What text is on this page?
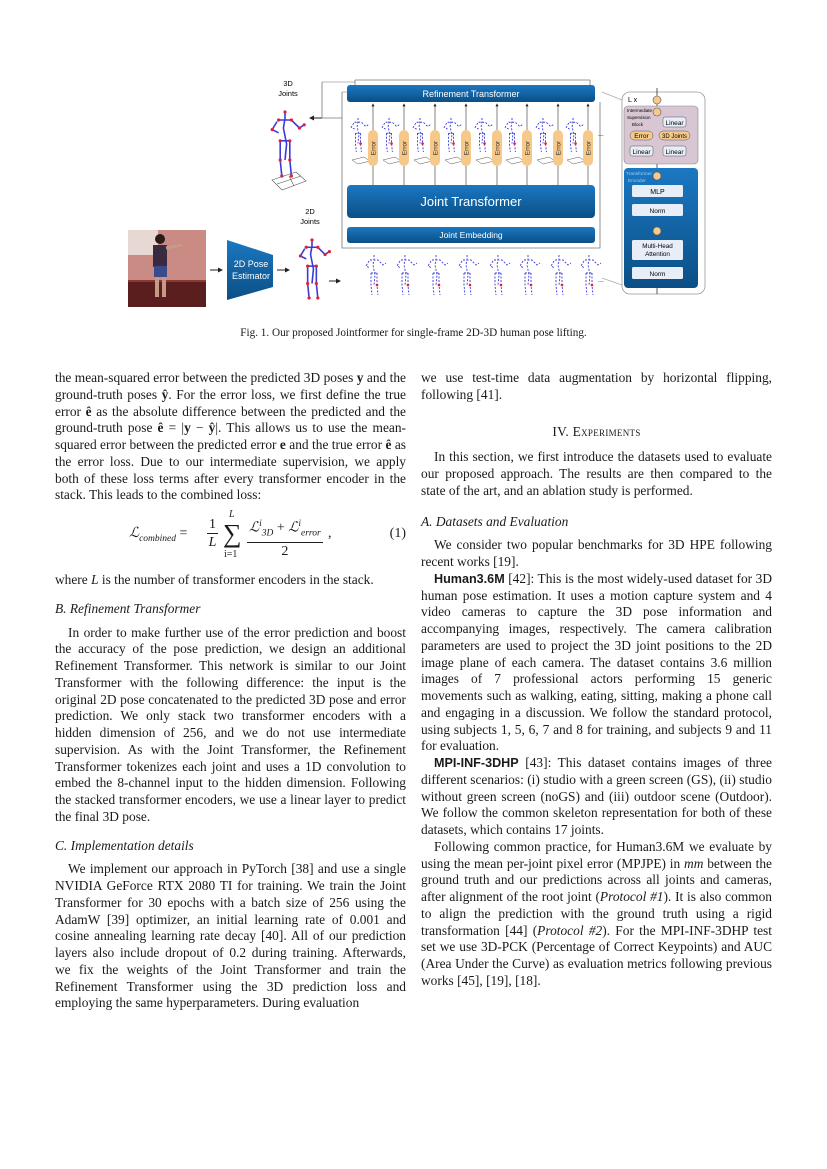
2D Pose
Estimator
2D
Joints
3D
Joints	Refinement Transformer
Error	Error	Error	Error	Error	Error	Error	Error
...
...
Joint Transformer
Joint Embedding
L x
Intermediate
Supervision
Block	Linear
Error 3D Joints
Linear Linear
Transformer
Encoder
MLP
Norm
Multi-Head
Attention
Norm
Fig. 1. Our proposed Jointformer for single-frame 2D-3D human pose lifting.

the mean-squared error between the predicted 3D poses y and the ground-truth poses ŷ. For the error loss, we first define the true error ê as the absolute difference between the predicted and the ground-truth pose ê = |y − ŷ|. This allows us to use the mean-squared error between the predicted error e and the true error ê as the error loss. Due to our intermediate supervision, we apply both of these loss terms after every transformer encoder in the stack. This leads to the combined loss:

ℒ$_{combined}$ = $\frac{1}{L}$ ∑
L
i=1
ℒ$^i_{3D}$ + ℒ$^i_{error}$
2
,	(1)

where L is the number of transformer encoders in the stack.

B. Refinement Transformer

In order to make further use of the error prediction and boost the accuracy of the pose prediction, we design an additional Refinement Transformer. This network is similar to our Joint Transformer with the following difference: the input is the original 2D pose concatenated to the predicted 3D pose and error prediction. We only stack two transformer encoders with a hidden dimension of 256, and we do not use intermediate supervision. As with the Joint Transformer, the Refinement Transformer tokenizes each joint and uses a 1D convolution to embed the 8-channel input to the hidden dimension. Following the stacked transformer encoders, we use a linear layer to predict the final 3D pose.

C. Implementation details

We implement our approach in PyTorch [38] and use a single NVIDIA GeForce RTX 2080 TI for training. We train the Joint Transformer for 30 epochs with a batch size of 256 using the AdamW [39] optimizer, an initial learning rate of 0.001 and cosine annealing learning rate decay [40]. All of our prediction layers also include dropout of 0.2 during training. Afterwards, we fix the weights of the Joint Transformer and train the Refinement Transformer using the 3D prediction loss and employing the same hyperparameters. During evaluation

we use test-time data augmentation by horizontal flipping, following [41].

IV. Experiments

In this section, we first introduce the datasets used to evaluate our proposed approach. The results are then compared to the state of the art, and an ablation study is performed.

A. Datasets and Evaluation

We consider two popular benchmarks for 3D HPE following recent works [19].

Human3.6M [42]: This is the most widely-used dataset for 3D human pose estimation. It uses a motion capture system and 4 video cameras to capture the 3D pose information and accompanying images, respectively. The camera calibration parameters are used to project the 3D joint positions to the 2D image plane of each camera. The dataset contains 3.6 million images of 7 professional actors performing 15 generic movements such as walking, eating, sitting, making a phone call and engaging in a discussion. We follow the standard protocol, using subjects 1, 5, 6, 7 and 8 for training, and subjects 9 and 11 for evaluation.

MPI-INF-3DHP [43]: This dataset contains images of three different scenarios: (i) studio with a green screen (GS), (ii) studio without green screen (noGS) and (iii) outdoor scene (Outdoor). We follow the common skeleton representation for both of these datasets, which contains 17 joints.

Following common practice, for Human3.6M we evaluate by using the mean per-joint pixel error (MPJPE) in mm between the ground truth and our predictions across all joints and cameras, after alignment of the root joint (Protocol #1). It is also common to align the prediction with the ground truth using a rigid transformation [44] (Protocol #2). For the MPI-INF-3DHP test set we use 3D-PCK (Percentage of Correct Keypoints) and AUC (Area Under the Curve) as evaluation metrics following previous works [45], [19], [18].
